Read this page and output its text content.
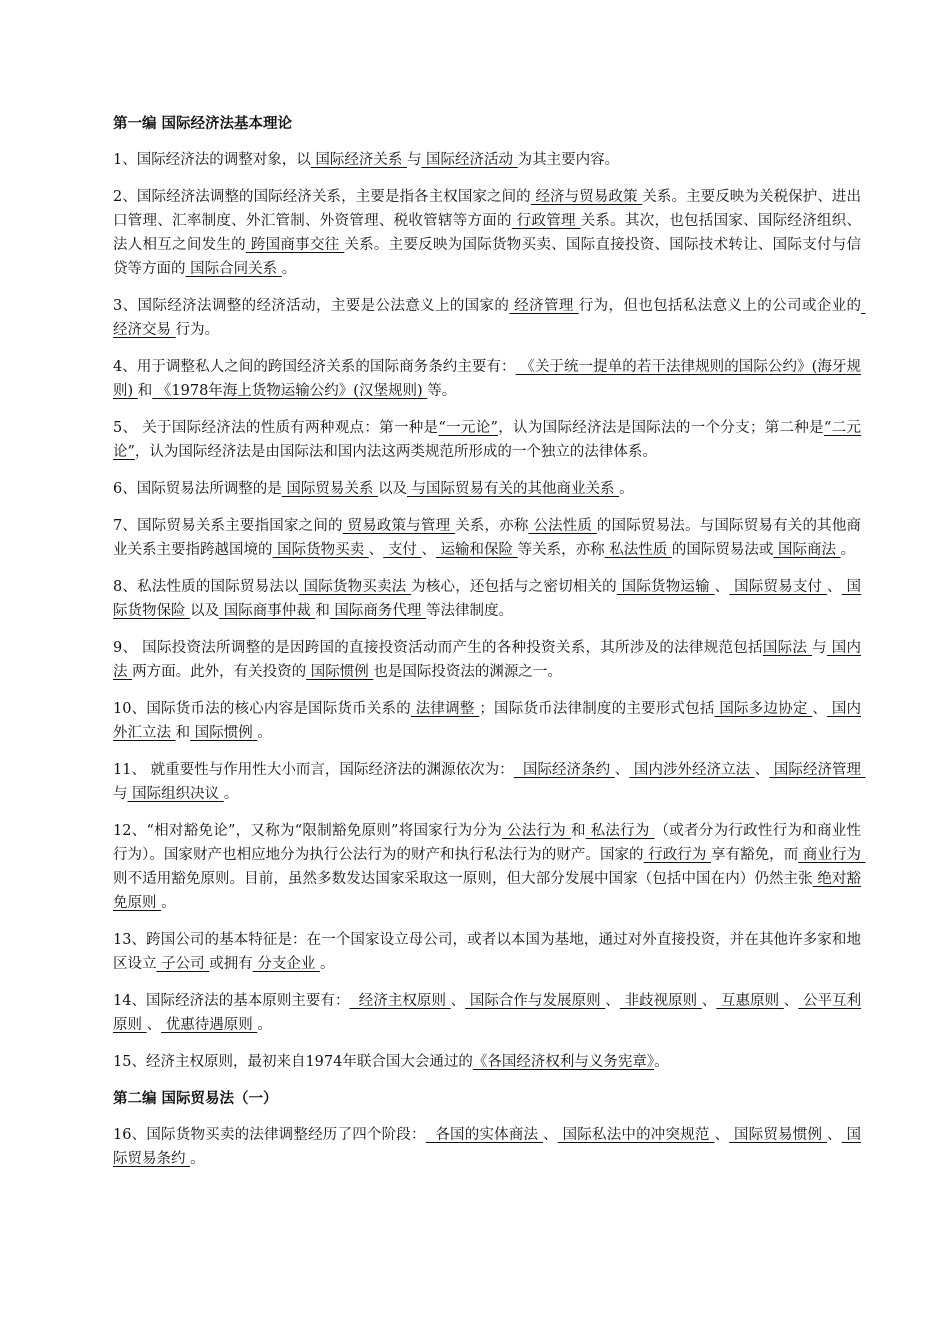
第一编 国际经济法基本理论

1、国际经济法的调整对象，以 国际经济关系 与 国际经济活动 为其主要内容。

2、国际经济法调整的国际经济关系，主要是指各主权国家之间的 经济与贸易政策 关系。主要反映为关税保护、进出口管理、汇率制度、外汇管制、外资管理、税收管辖等方面的 行政管理 关系。其次，也包括国家、国际经济组织、法人相互之间发生的 跨国商事交往 关系。主要反映为国际货物买卖、国际直接投资、国际技术转让、国际支付与信贷等方面的 国际合同关系 。

3、国际经济法调整的经济活动，主要是公法意义上的国家的 经济管理 行为，但也包括私法意义上的公司或企业的 经济交易 行为。

4、用于调整私人之间的跨国经济关系的国际商务条约主要有： 《关于统一提单的若干法律规则的国际公约》(海牙规则) 和 《1978年海上货物运输公约》(汉堡规则) 等。

5、 关于国际经济法的性质有两种观点：第一种是“一元论”，认为国际经济法是国际法的一个分支；第二种是“二元论”，认为国际经济法是由国际法和国内法这两类规范所形成的一个独立的法律体系。

6、国际贸易法所调整的是 国际贸易关系 以及 与国际贸易有关的其他商业关系 。

7、国际贸易关系主要指国家之间的 贸易政策与管理 关系，亦称 公法性质 的国际贸易法。与国际贸易有关的其他商业关系主要指跨越国境的 国际货物买卖 、 支付 、 运输和保险 等关系，亦称 私法性质 的国际贸易法或 国际商法 。

8、私法性质的国际贸易法以 国际货物买卖法 为核心，还包括与之密切相关的 国际货物运输 、 国际贸易支付 、 国际货物保险 以及 国际商事仲裁 和 国际商务代理 等法律制度。

9、 国际投资法所调整的是因跨国的直接投资活动而产生的各种投资关系，其所涉及的法律规范包括国际法 与 国内法 两方面。此外，有关投资的 国际惯例 也是国际投资法的渊源之一。

10、国际货币法的核心内容是国际货币关系的 法律调整 ；国际货币法律制度的主要形式包括 国际多边协定 、 国内外汇立法 和 国际惯例 。

11、 就重要性与作用性大小而言，国际经济法的渊源依次为：  国际经济条约 、 国内涉外经济立法 、 国际经济管理 与 国际组织决议 。

12、“相对豁免论”，又称为“限制豁免原则”将国家行为分为 公法行为 和 私法行为 （或者分为行政性行为和商业性行为）。国家财产也相应地分为执行公法行为的财产和执行私法行为的财产。国家的 行政行为 享有豁免，而 商业行为 则不适用豁免原则。目前，虽然多数发达国家采取这一原则，但大部分发展中国家（包括中国在内）仍然主张 绝对豁免原则 。

13、跨国公司的基本特征是：在一个国家设立母公司，或者以本国为基地，通过对外直接投资，并在其他许多家和地区设立 子公司 或拥有 分支企业 。

14、国际经济法的基本原则主要有：  经济主权原则 、 国际合作与发展原则 、 非歧视原则 、 互惠原则 、 公平互利原则 、 优惠待遇原则 。

15、经济主权原则，最初来自1974年联合国大会通过的《各国经济权利与义务宪章》。

第二编 国际贸易法（一）

16、国际货物买卖的法律调整经历了四个阶段：  各国的实体商法 、 国际私法中的冲突规范 、 国际贸易惯例 、 国际贸易条约 。
